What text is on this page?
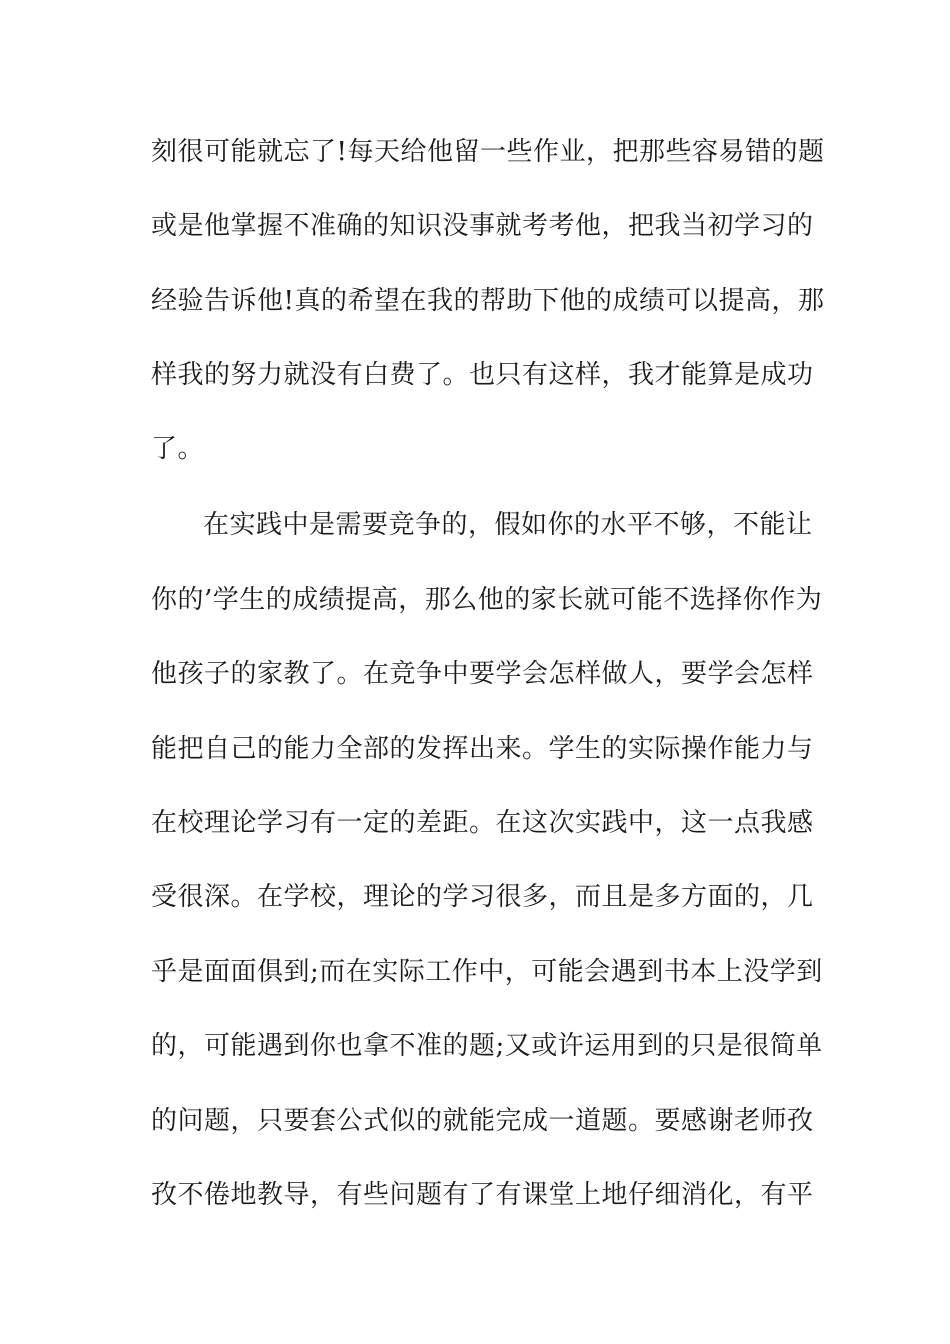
刻很可能就忘了!每天给他留一些作业，把那些容易错的题
或是他掌握不准确的知识没事就考考他，把我当初学习的
经验告诉他!真的希望在我的帮助下他的成绩可以提高，那
样我的努力就没有白费了。也只有这样，我才能算是成功
了。
在实践中是需要竞争的，假如你的水平不够，不能让
你的’学生的成绩提高，那么他的家长就可能不选择你作为
他孩子的家教了。在竞争中要学会怎样做人，要学会怎样
能把自己的能力全部的发挥出来。学生的实际操作能力与
在校理论学习有一定的差距。在这次实践中，这一点我感
受很深。在学校，理论的学习很多，而且是多方面的，几
乎是面面俱到;而在实际工作中，可能会遇到书本上没学到
的，可能遇到你也拿不准的题;又或许运用到的只是很简单
的问题，只要套公式似的就能完成一道题。要感谢老师孜
孜不倦地教导，有些问题有了有课堂上地仔细消化，有平
